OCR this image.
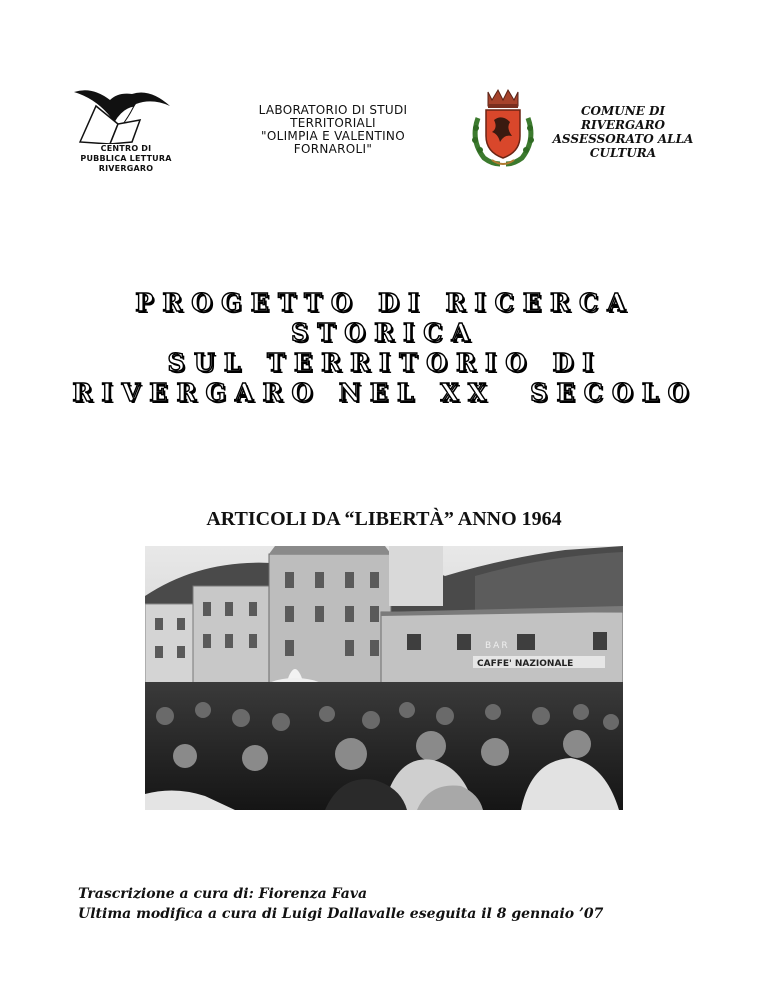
CENTRO DI
PUBBLICA LETTURA
RIVERGARO
LABORATORIO DI STUDI
TERRITORIALI
"OLIMPIA E VALENTINO
FORNAROLI"
COMUNE DI
RIVERGARO
ASSESSORATO ALLA
CULTURA
PROGETTO DI RICERCA
STORICA
SUL TERRITORIO DI
RIVERGARO NEL XX  SECOLO
ARTICOLI DA “LIBERTÀ” ANNO 1964
BAR
CAFFE' NAZIONALE
Trascrizione a cura di: Fiorenza Fava
Ultima modifica a cura di Luigi Dallavalle eseguita il 8 gennaio ’07
